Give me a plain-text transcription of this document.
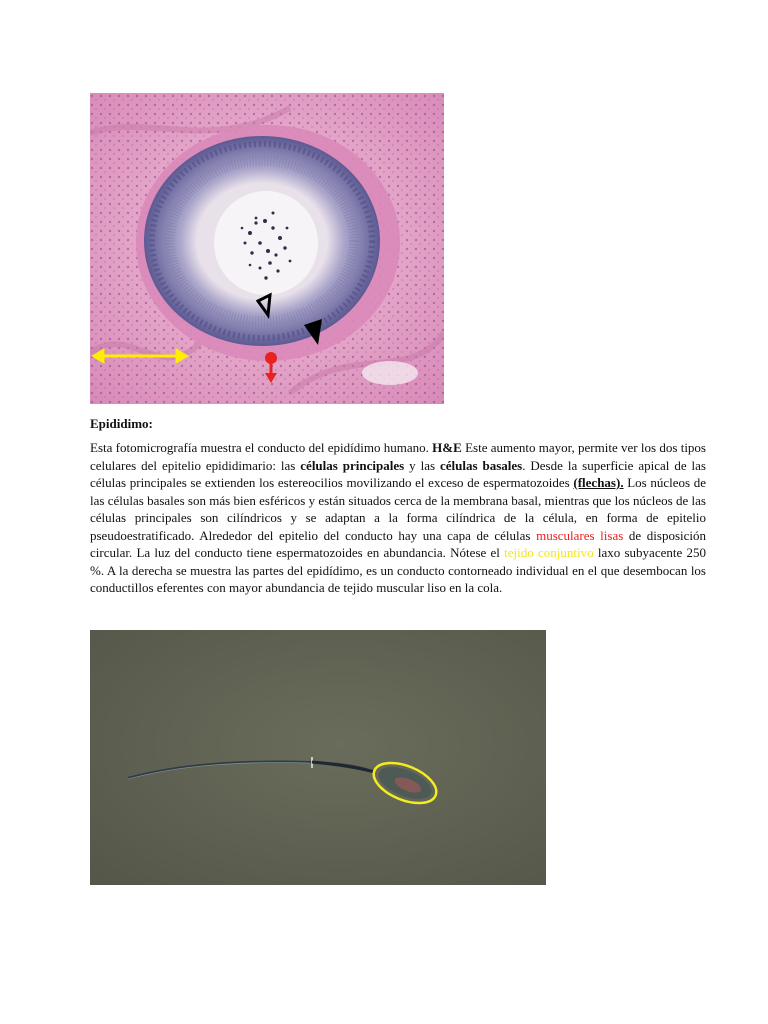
Epididimo:
Esta fotomicrografía muestra el conducto del epidídimo humano. H&E Este aumento mayor, permite ver los dos tipos celulares del epitelio epididimario: las células principales y las células basales. Desde la superficie apical de las células principales se extienden los estereocilios movilizando el exceso de espermatozoides (flechas). Los núcleos de las células basales son más bien esféricos y están situados cerca de la membrana basal, mientras que los núcleos de las células principales son cilíndricos y se adaptan a la forma cilíndrica de la célula, en forma de epitelio pseudoestratificado. Alrededor del epitelio del conducto hay una capa de células musculares lisas de disposición circular. La luz del conducto tiene espermatozoides en abundancia. Nótese el tejido conjuntivo laxo subyacente 250 %. A la derecha se muestra las partes del epidídimo, es un conducto contorneado individual en el que desembocan los conductillos eferentes con mayor abundancia de tejido muscular liso en la cola.
